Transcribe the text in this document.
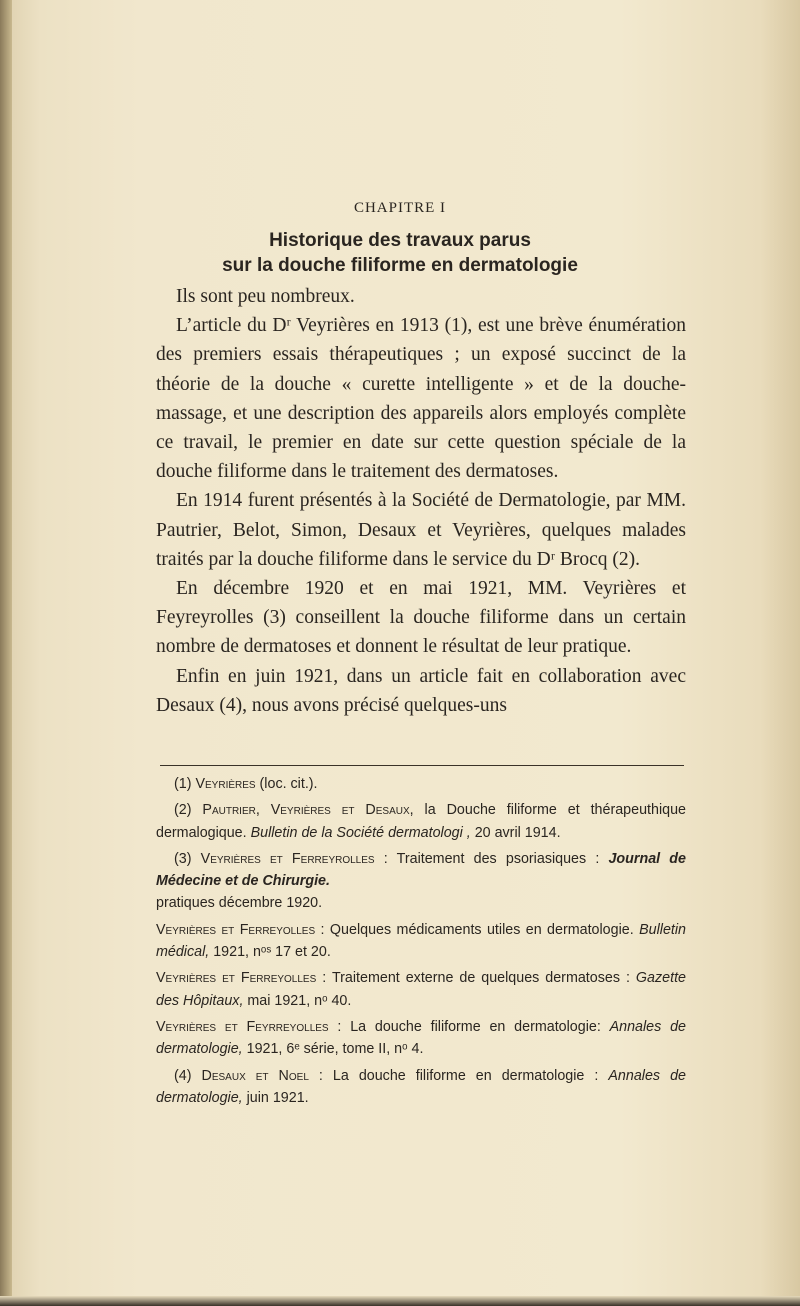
CHAPITRE I
Historique des travaux parus
sur la douche filiforme en dermatologie

Ils sont peu nombreux.

L’article du Dʳ Veyrières en 1913 (1), est une brève énumération des premiers essais thérapeutiques ; un exposé succinct de la théorie de la douche « curette intelligente » et de la douche-massage, et une description des appareils alors employés complète ce travail, le premier en date sur cette question spéciale de la douche filiforme dans le traitement des dermatoses.

En 1914 furent présentés à la Société de Dermatologie, par MM. Pautrier, Belot, Simon, Desaux et Veyrières, quelques malades traités par la douche filiforme dans le service du Dʳ Brocq (2).

En décembre 1920 et en mai 1921, MM. Veyrières et Feyreyrolles (3) conseillent la douche filiforme dans un certain nombre de dermatoses et donnent le résultat de leur pratique.

Enfin en juin 1921, dans un article fait en collaboration avec Desaux (4), nous avons précisé quelques-uns

(1) Veyrières (loc. cit.).

(2) Pautrier, Veyrières et Desaux, la Douche filiforme et thérapeuthique dermalogique. Bulletin de la Société dermatologi , 20 avril 1914.

(3) Veyrières et Ferreyrolles : Traitement des psoriasiques : Journal de Médecine et de Chirurgie.

pratiques décembre 1920.

Veyrières et Ferreyolles : Quelques médicaments utiles en dermatologie. Bulletin médical, 1921, nᵒˢ 17 et 20.

Veyrières et Ferreyolles : Traitement externe de quelques dermatoses : Gazette des Hôpitaux, mai 1921, nᵒ 40.

Veyrières et Feyrreyolles : La douche filiforme en dermatologie: Annales de dermatologie, 1921, 6ᵉ série, tome II, nᵒ 4.

(4) Desaux et Noel : La douche filiforme en dermatologie : Annales de dermatologie, juin 1921.
